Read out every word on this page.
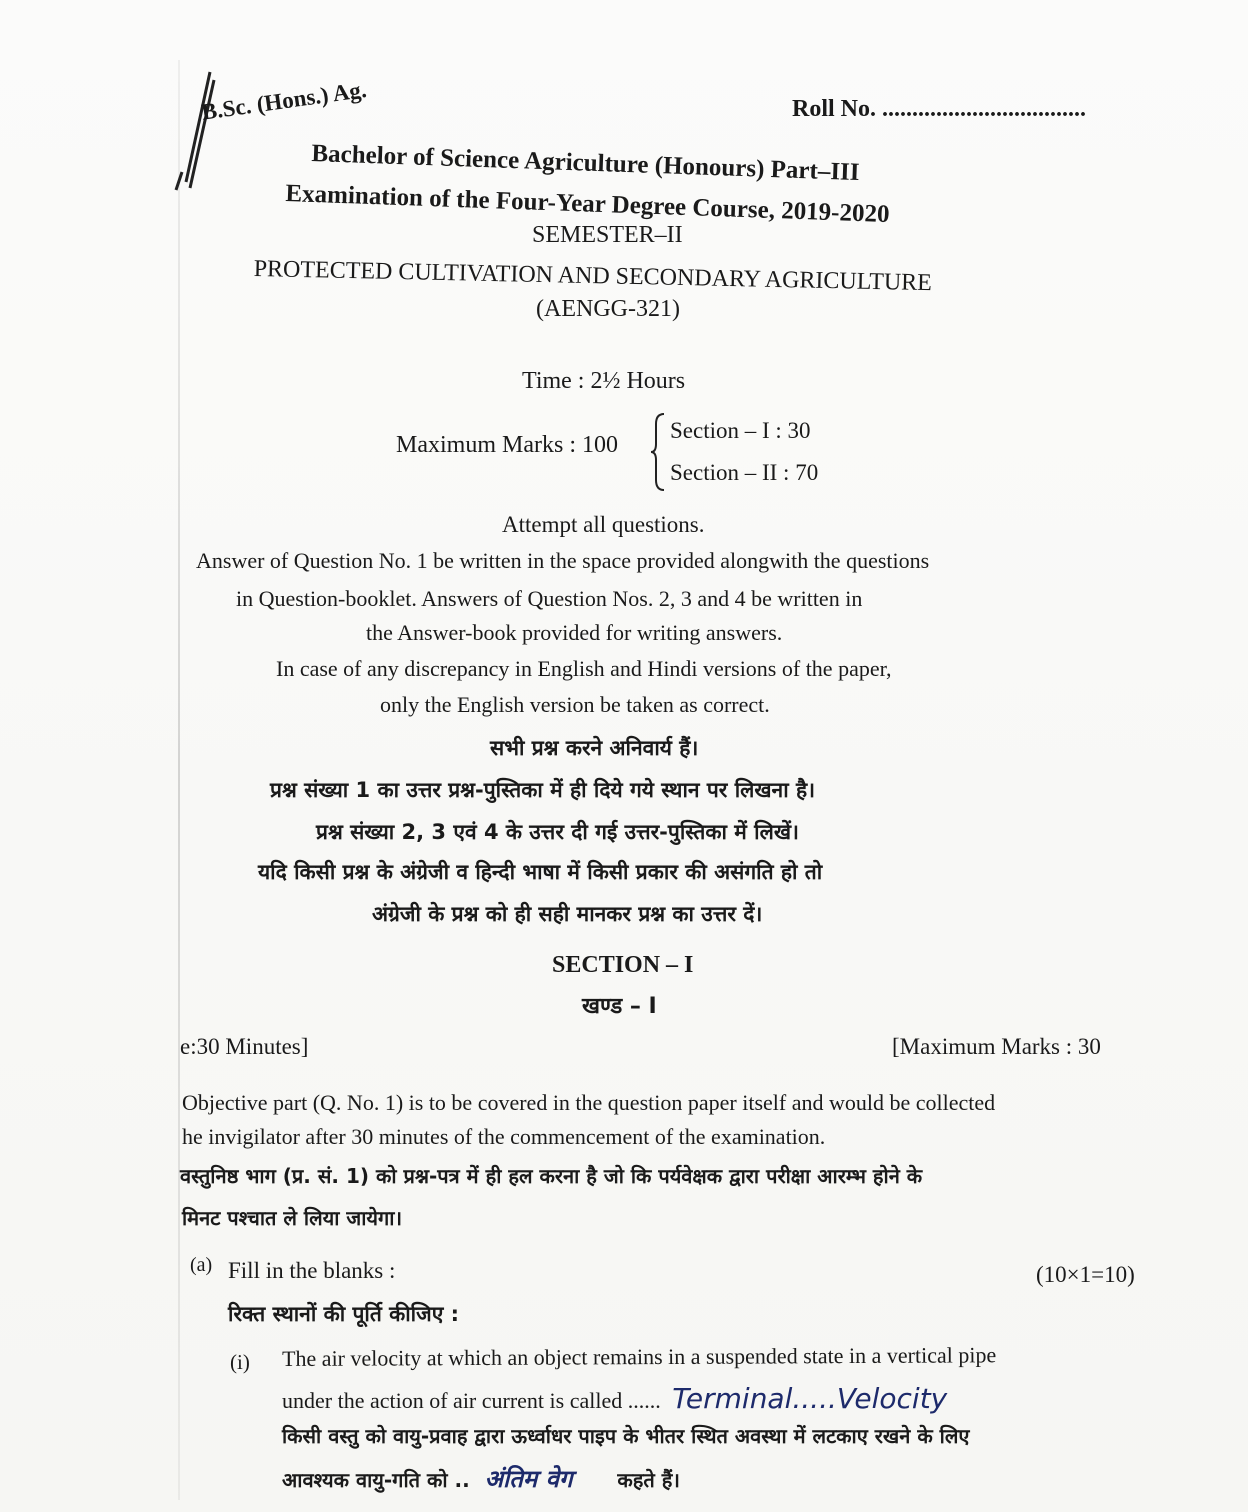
B.Sc. (Hons.) Ag.	Roll No. ..................................
Bachelor of Science Agriculture (Honours) Part–III
Examination of the Four-Year Degree Course, 2019-2020
SEMESTER–II
PROTECTED CULTIVATION AND SECONDARY AGRICULTURE
(AENGG-321)
Time : 2½ Hours
Maximum Marks : 100
Section – I : 30
Section – II : 70
Attempt all questions.
Answer of Question No. 1 be written in the space provided alongwith the questions
in Question-booklet. Answers of Question Nos. 2, 3 and 4 be written in
the Answer-book provided for writing answers.
In case of any discrepancy in English and Hindi versions of the paper,
only the English version be taken as correct.
सभी प्रश्न करने अनिवार्य हैं।
प्रश्न संख्या 1 का उत्तर प्रश्न-पुस्तिका में ही दिये गये स्थान पर लिखना है।
प्रश्न संख्या 2, 3 एवं 4 के उत्तर दी गई उत्तर-पुस्तिका में लिखें।
यदि किसी प्रश्न के अंग्रेजी व हिन्दी भाषा में किसी प्रकार की असंगति हो तो
अंग्रेजी के प्रश्न को ही सही मानकर प्रश्न का उत्तर दें।
SECTION – I
खण्ड – I
e:30 Minutes]	[Maximum Marks : 30
Objective part (Q. No. 1) is to be covered in the question paper itself and would be collected
he invigilator after 30 minutes of the commencement of the examination.
वस्तुनिष्ठ भाग (प्र. सं. 1) को प्रश्न-पत्र में ही हल करना है जो कि पर्यवेक्षक द्वारा परीक्षा आरम्भ होने के
मिनट पश्चात ले लिया जायेगा।
(a) Fill in the blanks :	(10×1=10)
रिक्त स्थानों की पूर्ति कीजिए :
(i) The air velocity at which an object remains in a suspended state in a vertical pipe
under the action of air current is called ...... Terminal.....Velocity
किसी वस्तु को वायु-प्रवाह द्वारा ऊर्ध्वाधर पाइप के भीतर स्थित अवस्था में लटकाए रखने के लिए
आवश्यक वायु-गति को .. अंतिम वेग कहते हैं।
